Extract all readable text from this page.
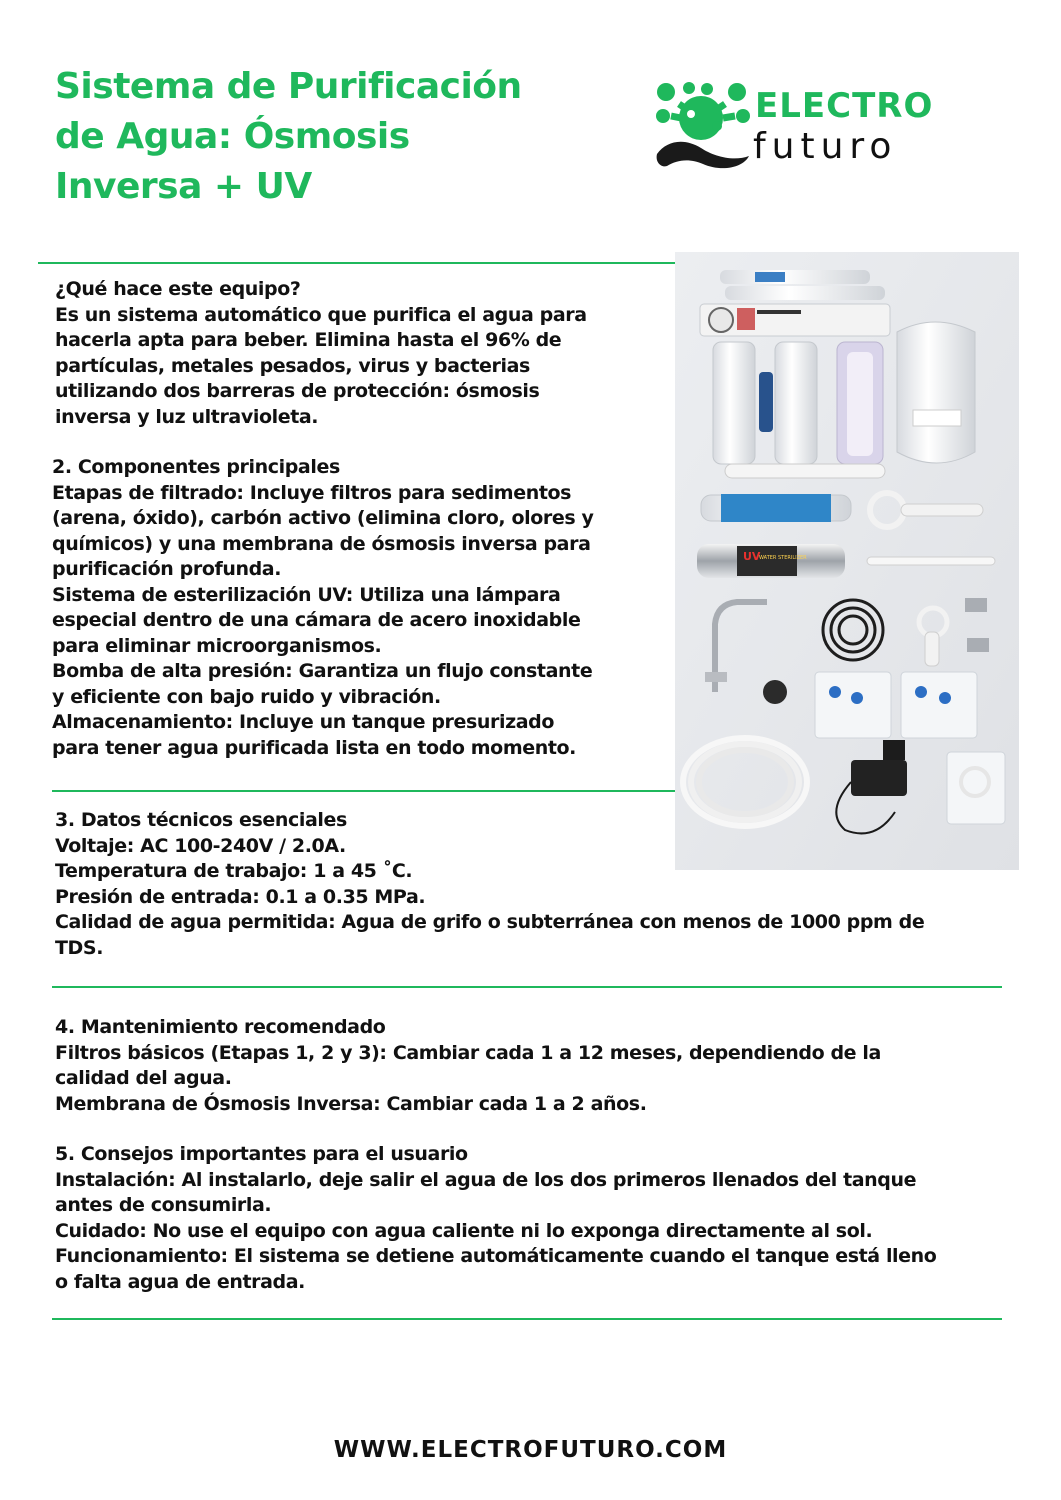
Sistema de Purificación
de Agua: Ósmosis
Inversa + UV
ELECTRO
futuro

¿Qué hace este equipo?

Es un sistema automático que purifica el agua para

hacerla apta para beber. Elimina hasta el 96% de

partículas, metales pesados, virus y bacterias

utilizando dos barreras de protección: ósmosis

inversa y luz ultravioleta.

2. Componentes principales

Etapas de filtrado: Incluye filtros para sedimentos

(arena, óxido), carbón activo (elimina cloro, olores y

químicos) y una membrana de ósmosis inversa para

purificación profunda.

Sistema de esterilización UV: Utiliza una lámpara

especial dentro de una cámara de acero inoxidable

para eliminar microorganismos.

Bomba de alta presión: Garantiza un flujo constante

y eficiente con bajo ruido y vibración.

Almacenamiento: Incluye un tanque presurizado

para tener agua purificada lista en todo momento.

UV
WATER STERILIZER

3. Datos técnicos esenciales

Voltaje: AC 100-240V / 2.0A.

Temperatura de trabajo: 1 a 45 ˚C.

Presión de entrada: 0.1 a 0.35 MPa.

Calidad de agua permitida: Agua de grifo o subterránea con menos de 1000 ppm de

TDS.

4. Mantenimiento recomendado

Filtros básicos (Etapas 1, 2 y 3): Cambiar cada 1 a 12 meses, dependiendo de la

calidad del agua.

Membrana de Ósmosis Inversa: Cambiar cada 1 a 2 años.

5. Consejos importantes para el usuario

Instalación: Al instalarlo, deje salir el agua de los dos primeros llenados del tanque

antes de consumirla.

Cuidado: No use el equipo con agua caliente ni lo exponga directamente al sol.

Funcionamiento: El sistema se detiene automáticamente cuando el tanque está lleno

o falta agua de entrada.

WWW.ELECTROFUTURO.COM
